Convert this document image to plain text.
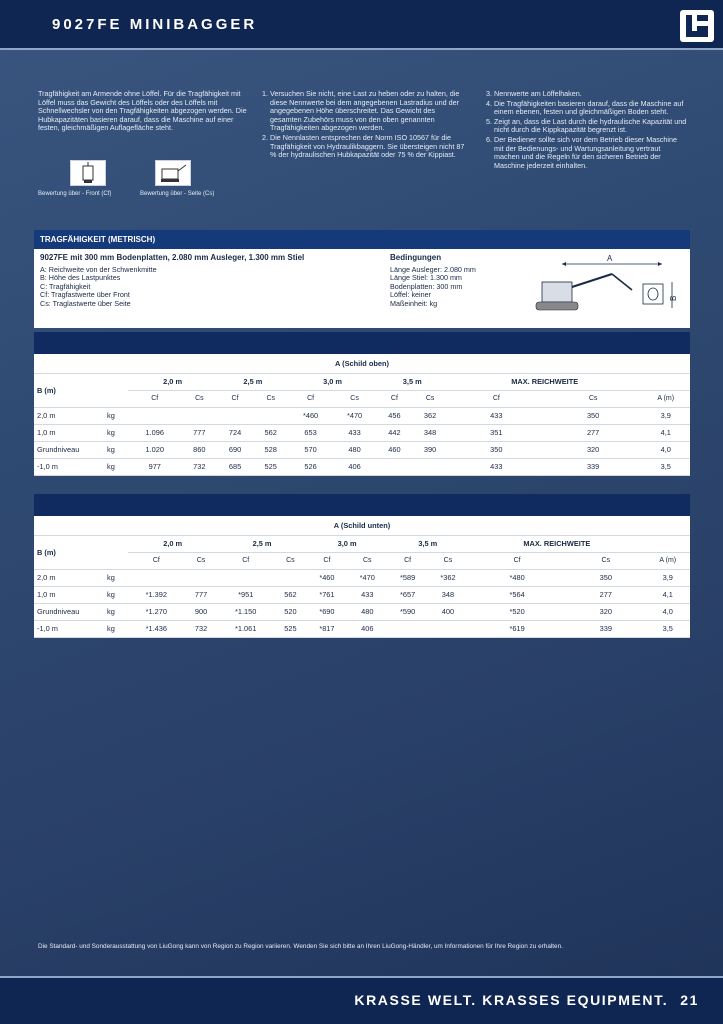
9027FE MINIBAGGER

Tragfähigkeit am Armende ohne Löffel. Für die Tragfähigkeit mit Löffel muss das Gewicht des Löffels oder des Löffels mit Schnellwechsler von den Tragfähigkeiten abgezogen werden. Die Hubkapazitäten basieren darauf, dass die Maschine auf einer festen, gleichmäßigen Auflagefläche steht.

1. Versuchen Sie nicht, eine Last zu heben oder zu halten, die diese Nennwerte bei dem angegebenen Lastradius und der angegebenen Höhe überschreitet. Das Gewicht des gesamten Zubehörs muss von den oben genannten Tragfähigkeiten abgezogen werden.
2. Die Nennlasten entsprechen der Norm ISO 10567 für die Tragfähigkeit von Hydraulikbaggern. Sie übersteigen nicht 87 % der hydraulischen Hubkapazität oder 75 % der Kippiast.
3. Nennwerte am Löffelhaken.
4. Die Tragfähigkeiten basieren darauf, dass die Maschine auf einem ebenen, festen und gleichmäßigen Boden steht.
5. Zeigt an, dass die Last durch die hydraulische Kapazität und nicht durch die Kippkapazität begrenzt ist.
6. Der Bediener sollte sich vor dem Betrieb dieser Maschine mit der Bedienungs- und Wartungsanleitung vertraut machen und die Regeln für den sicheren Betrieb der Maschine jederzeit einhalten.
Bewertung über - Front (Cf)	Bewertung über - Seite (Cs)
TRAGFÄHIGKEIT (METRISCH)
9027FE mit 300 mm Bodenplatten, 2.080 mm Ausleger, 1.300 mm Stiel	Bedingungen
A: Reichweite von der Schwenkmitte
B: Höhe des Lastpunktes
C: Tragfähigkeit
Cf: Tragfastwerte über Front
Cs: Traglastwerte über Seite
Länge Ausleger: 2.080 mm
Länge Stiel: 1.300 mm
Bodenplatten: 300 mm
Löffel: keiner
Maßeinheit: kg
A
B
A (Schild oben)												
B (m)		2,0 m		2,5 m		3,0 m		3,5 m		MAX. REICHWEITE		
		Cf	Cs	Cf	Cs	Cf	Cs	Cf	Cs	Cf	Cs	A (m)
2,0 m	kg					*460	*470	456	362	433	350	3,9
1,0 m	kg	1.096	777	724	562	653	433	442	348	351	277	4,1
Grundniveau	kg	1.020	860	690	528	570	480	460	390	350	320	4,0
-1,0 m	kg	977	732	685	525	526	406			433	339	3,5
A (Schild unten)												
B (m)		2,0 m		2,5 m		3,0 m		3,5 m		MAX. REICHWEITE		
		Cf	Cs	Cf	Cs	Cf	Cs	Cf	Cs	Cf	Cs	A (m)
2,0 m	kg					*460	*470	*589	*362	*480	350	3,9
1,0 m	kg	*1.392	777	*951	562	*761	433	*657	348	*564	277	4,1
Grundniveau	kg	*1.270	900	*1.150	520	*690	480	*590	400	*520	320	4,0
-1,0 m	kg	*1.436	732	*1.061	525	*817	406			*619	339	3,5
Die Standard- und Sonderausstattung von LiuGong kann von Region zu Region variieren. Wenden Sie sich bitte an Ihren LiuGong-Händler, um Informationen für Ihre Region zu erhalten.
KRASSE WELT. KRASSES EQUIPMENT. 21
